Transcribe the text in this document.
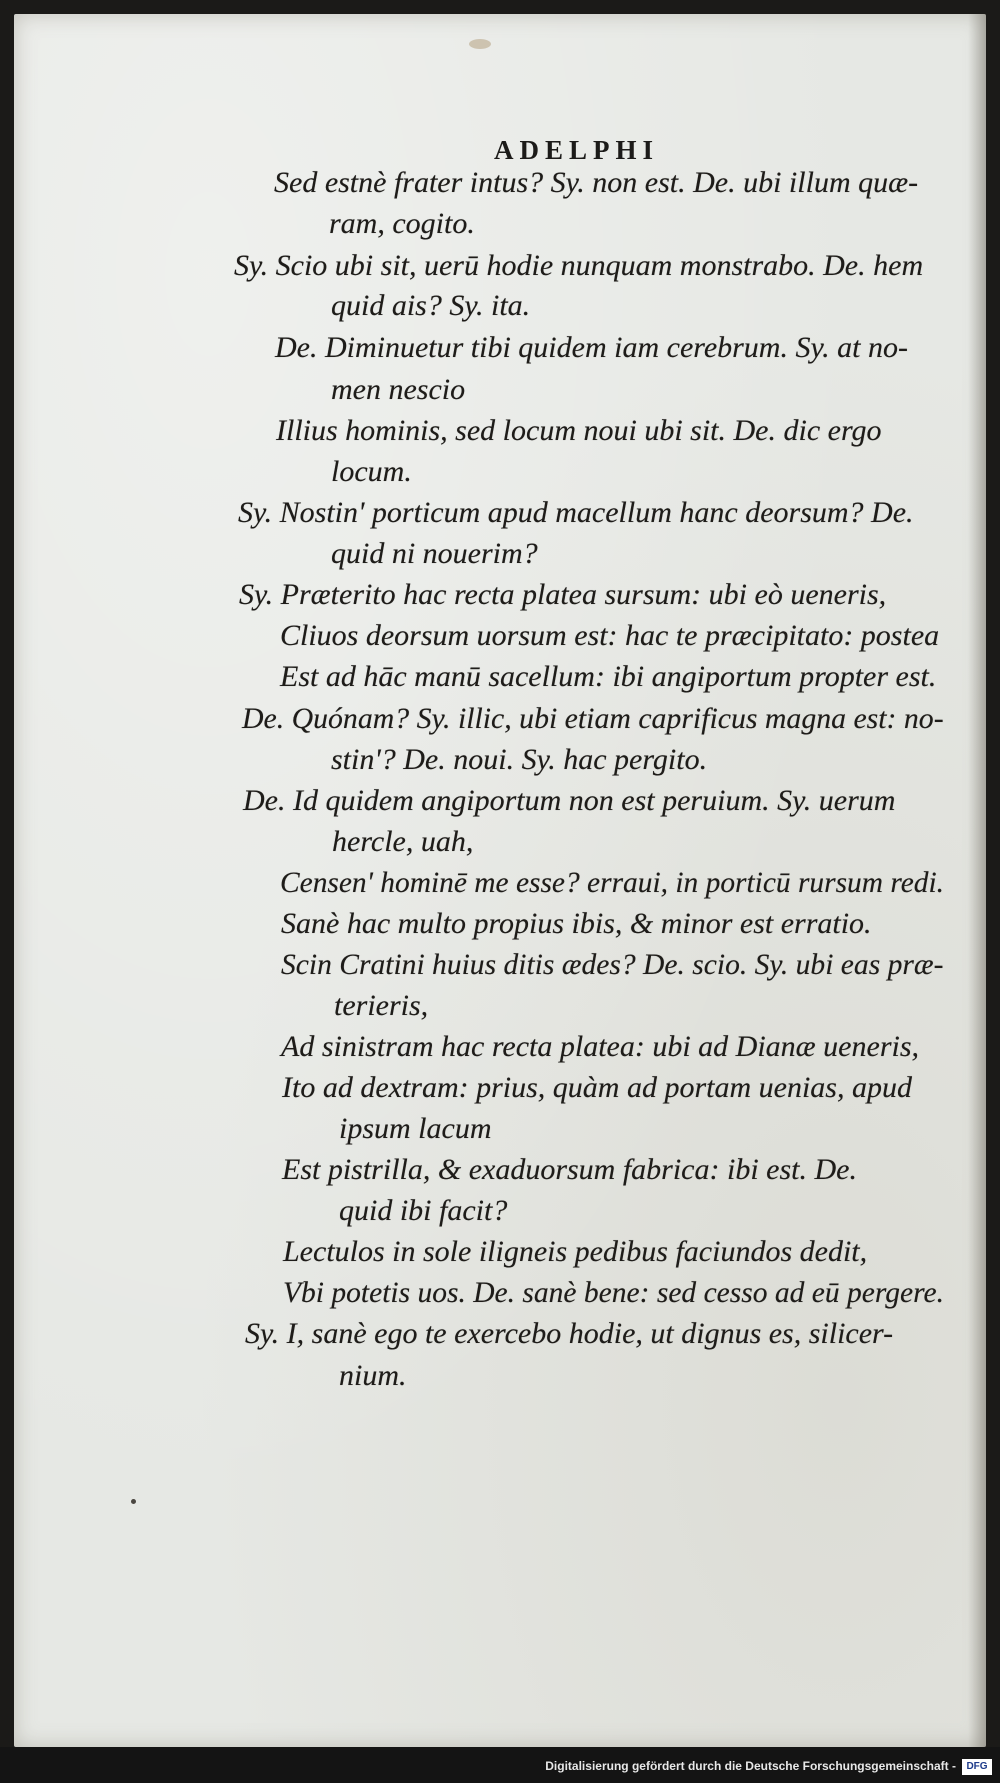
ADELPHI
Sed estnè frater intus? Sy. non est. De. ubi illum quæ-
ram, cogito.
Sy. Scio ubi sit, uerū hodie nunquam monstrabo. De. hem
quid ais? Sy. ita.
De. Diminuetur tibi quidem iam cerebrum. Sy. at no-
men nescio
Illius hominis, sed locum noui ubi sit. De. dic ergo
locum.
Sy. Nostin' porticum apud macellum hanc deorsum? De.
quid ni nouerim?
Sy. Præterito hac recta platea sursum: ubi eò ueneris,
Cliuos deorsum uorsum est: hac te præcipitato: postea
Est ad hāc manū sacellum: ibi angiportum propter est.
De. Quónam? Sy. illic, ubi etiam caprificus magna est: no-
stin'? De. noui. Sy. hac pergito.
De. Id quidem angiportum non est peruium. Sy. uerum
hercle, uah,
Censen' hominē me esse? erraui, in porticū rursum redi.
Sanè hac multo propius ibis, & minor est erratio.
Scin Cratini huius ditis ædes? De. scio. Sy. ubi eas præ-
terieris,
Ad sinistram hac recta platea: ubi ad Dianæ ueneris,
Ito ad dextram: prius, quàm ad portam uenias, apud
ipsum lacum
Est pistrilla, & exaduorsum fabrica: ibi est. De.
quid ibi facit?
Lectulos in sole iligneis pedibus faciundos dedit,
Vbi potetis uos. De. sanè bene: sed cesso ad eū pergere.
Sy. I, sanè ego te exercebo hodie, ut dignus es, silicer-
nium.
Digitalisierung gefördert durch die Deutsche Forschungsgemeinschaft -	DFG
